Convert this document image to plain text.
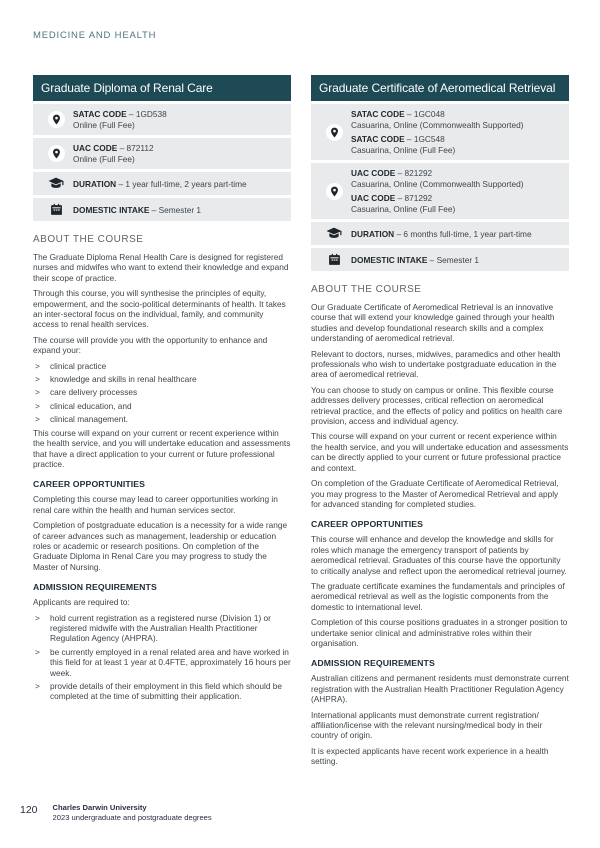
MEDICINE AND HEALTH
Graduate Diploma of Renal Care
SATAC CODE – 1GD538
Online (Full Fee)
UAC CODE – 872112
Online (Full Fee)
DURATION – 1 year full-time, 2 years part-time
DOMESTIC INTAKE – Semester 1
ABOUT THE COURSE

The Graduate Diploma Renal Health Care is designed for registered nurses and midwifes who want to extend their knowledge and expand their scope of practice.

Through this course, you will synthesise the principles of equity, empowerment, and the socio-political determinants of health. It takes an inter-sectoral focus on the individual, family, and community access to renal health services.

The course will provide you with the opportunity to enhance and expand your:

>	clinical practice
>	knowledge and skills in renal healthcare
>	care delivery processes
>	clinical education, and
>	clinical management.

This course will expand on your current or recent experience within the health service, and you will undertake education and assessments that have a direct application to your current or future professional practice.

CAREER OPPORTUNITIES

Completing this course may lead to career opportunities working in renal care within the health and human services sector.

Completion of postgraduate education is a necessity for a wide range of career advances such as management, leadership or education roles or academic or research positions. On completion of the Graduate Diploma in Renal Care you may progress to study the Master of Nursing.

ADMISSION REQUIREMENTS

Applicants are required to:

>	hold current registration as a registered nurse (Division 1) or registered midwife with the Australian Health Practitioner Regulation Agency (AHPRA).
>	be currently employed in a renal related area and have worked in this field for at least 1 year at 0.4FTE, approximately 16 hours per week.
>	provide details of their employment in this field which should be completed at the time of submitting their application.
Graduate Certificate of Aeromedical Retrieval
SATAC CODE – 1GC048
Casuarina, Online (Commonwealth Supported)
SATAC CODE – 1GC548
Casuarina, Online (Full Fee)
UAC CODE – 821292
Casuarina, Online (Commonwealth Supported)
UAC CODE – 871292
Casuarina, Online (Full Fee)
DURATION – 6 months full-time, 1 year part-time
DOMESTIC INTAKE – Semester 1
ABOUT THE COURSE

Our Graduate Certificate of Aeromedical Retrieval is an innovative course that will extend your knowledge gained through your health studies and develop foundational research skills and a complex understanding of aeromedical retrieval.

Relevant to doctors, nurses, midwives, paramedics and other health professionals who wish to undertake postgraduate education in the area of aeromedical retrieval.

You can choose to study on campus or online. This flexible course addresses delivery processes, critical reflection on aeromedical retrieval practice, and the effects of policy and politics on health care provision, access and individual agency.

This course will expand on your current or recent experience within the health service, and you will undertake education and assessments can be directly applied to your current or future professional practice and context.

On completion of the Graduate Certificate of Aeromedical Retrieval, you may progress to the Master of Aeromedical Retrieval and apply for advanced standing for completed studies.

CAREER OPPORTUNITIES

This course will enhance and develop the knowledge and skills for roles which manage the emergency transport of patients by aeromedical retrieval. Graduates of this course have the opportunity to critically analyse and reflect upon the aeromedical retrieval journey.

The graduate certificate examines the fundamentals and principles of aeromedical retrieval as well as the logistic components from the domestic to international level.

Completion of this course positions graduates in a stronger position to undertake senior clinical and administrative roles within their organisation.

ADMISSION REQUIREMENTS

Australian citizens and permanent residents must demonstrate current registration with the Australian Health Practitioner Regulation Agency (AHPRA).

International applicants must demonstrate current registration/ affiliation/license with the relevant nursing/medical body in their country of origin.

It is expected applicants have recent work experience in a health setting.

120 Charles Darwin University
2023 undergraduate and postgraduate degrees
